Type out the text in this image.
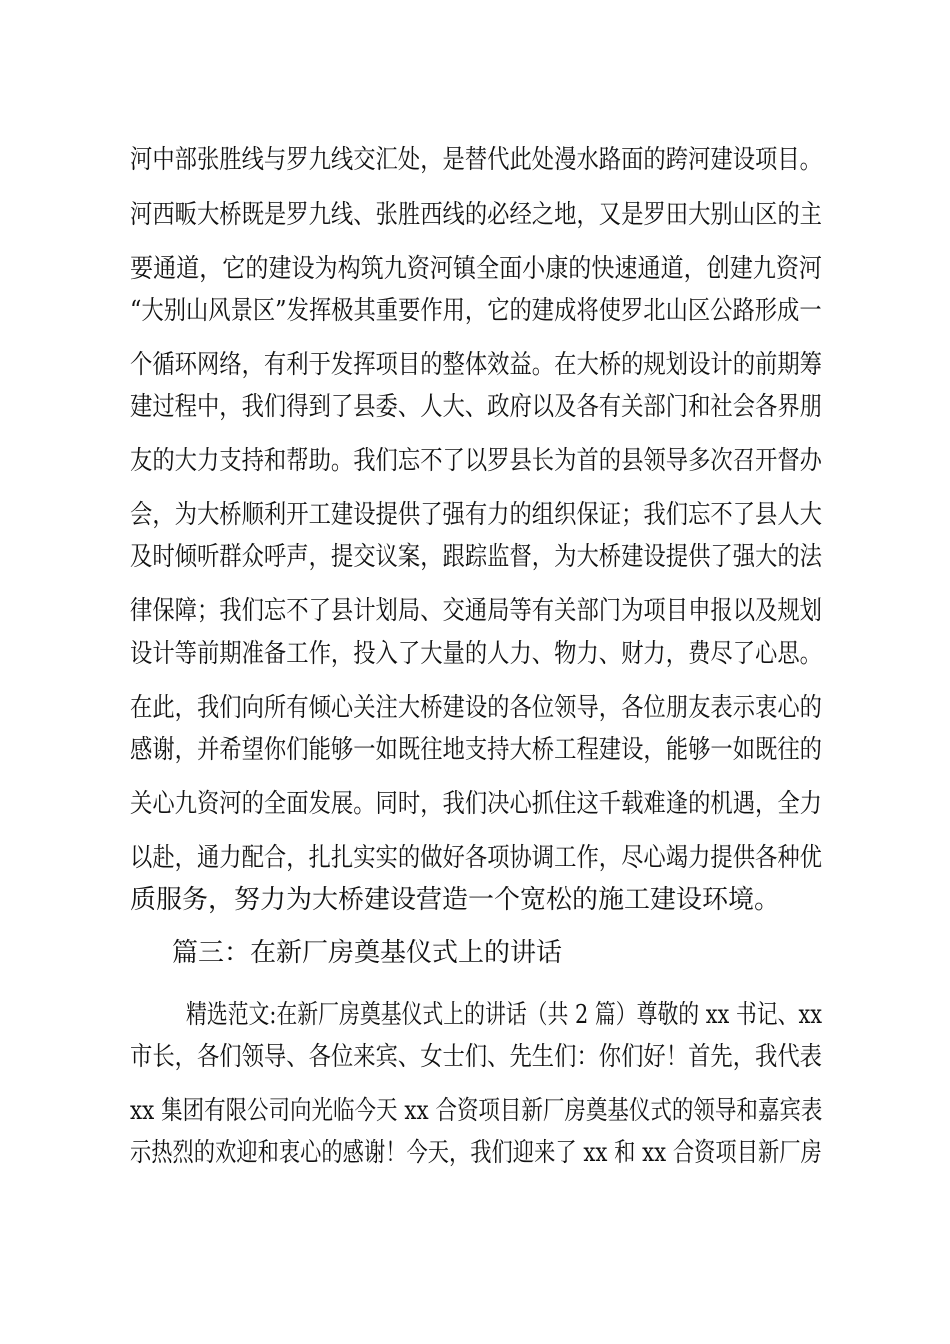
河中部张胜线与罗九线交汇处，是替代此处漫水路面的跨河建设项目。
河西畈大桥既是罗九线、张胜西线的必经之地，又是罗田大别山区的主
要通道，它的建设为构筑九资河镇全面小康的快速通道，创建九资河
“大别山风景区”发挥极其重要作用，它的建成将使罗北山区公路形成一
个循环网络，有利于发挥项目的整体效益。在大桥的规划设计的前期筹
建过程中，我们得到了县委、人大、政府以及各有关部门和社会各界朋
友的大力支持和帮助。我们忘不了以罗县长为首的县领导多次召开督办
会，为大桥顺利开工建设提供了强有力的组织保证；我们忘不了县人大
及时倾听群众呼声，提交议案，跟踪监督，为大桥建设提供了强大的法
律保障；我们忘不了县计划局、交通局等有关部门为项目申报以及规划
设计等前期准备工作，投入了大量的人力、物力、财力，费尽了心思。
在此，我们向所有倾心关注大桥建设的各位领导，各位朋友表示衷心的
感谢，并希望你们能够一如既往地支持大桥工程建设，能够一如既往的
关心九资河的全面发展。同时，我们决心抓住这千载难逢的机遇，全力
以赴，通力配合，扎扎实实的做好各项协调工作，尽心竭力提供各种优
质服务，努力为大桥建设营造一个宽松的施工建设环境。
篇三：在新厂房奠基仪式上的讲话
精选范文:在新厂房奠基仪式上的讲话（共 2 篇）尊敬的 xx 书记、xx
市长，各们领导、各位来宾、女士们、先生们：你们好！首先，我代表
xx 集团有限公司向光临今天 xx 合资项目新厂房奠基仪式的领导和嘉宾表
示热烈的欢迎和衷心的感谢！今天，我们迎来了 xx 和 xx 合资项目新厂房
